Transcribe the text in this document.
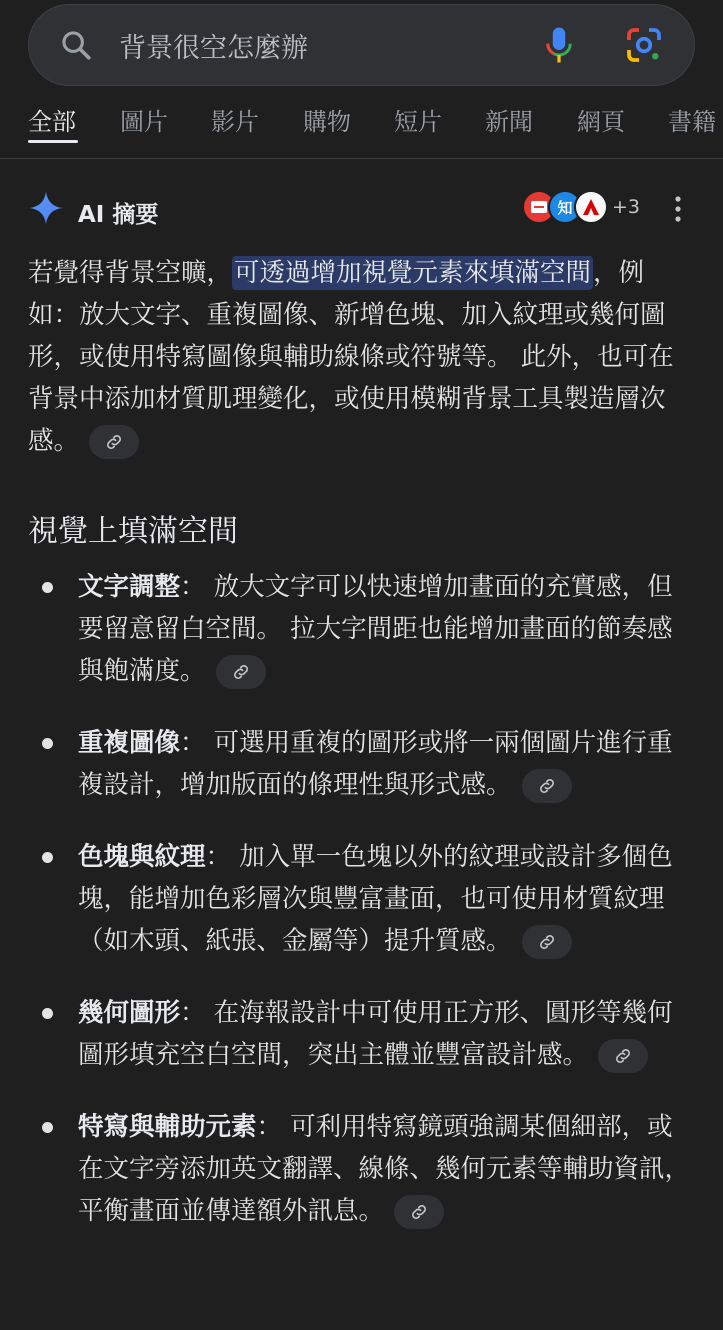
背景很空怎麼辦
全部 圖片 影片 購物 短片 新聞 網頁 書籍
AI 摘要	知	+3

若覺得背景空曠，可透過增加視覺元素來填滿空間，例如：放大文字、重複圖像、新增色塊、加入紋理或幾何圖形，或使用特寫圖像與輔助線條或符號等。 此外，也可在背景中添加材質肌理變化，或使用模糊背景工具製造層次感。

視覺上填滿空間
文字調整： 放大文字可以快速增加畫面的充實感，但要留意留白空間。 拉大字間距也能增加畫面的節奏感與飽滿度。
重複圖像： 可選用重複的圖形或將一兩個圖片進行重複設計，增加版面的條理性與形式感。
色塊與紋理： 加入單一色塊以外的紋理或設計多個色塊，能增加色彩層次與豐富畫面，也可使用材質紋理（如木頭、紙張、金屬等）提升質感。
幾何圖形： 在海報設計中可使用正方形、圓形等幾何圖形填充空白空間，突出主體並豐富設計感。
特寫與輔助元素： 可利用特寫鏡頭強調某個細部，或在文字旁添加英文翻譯、線條、幾何元素等輔助資訊，平衡畫面並傳達額外訊息。
